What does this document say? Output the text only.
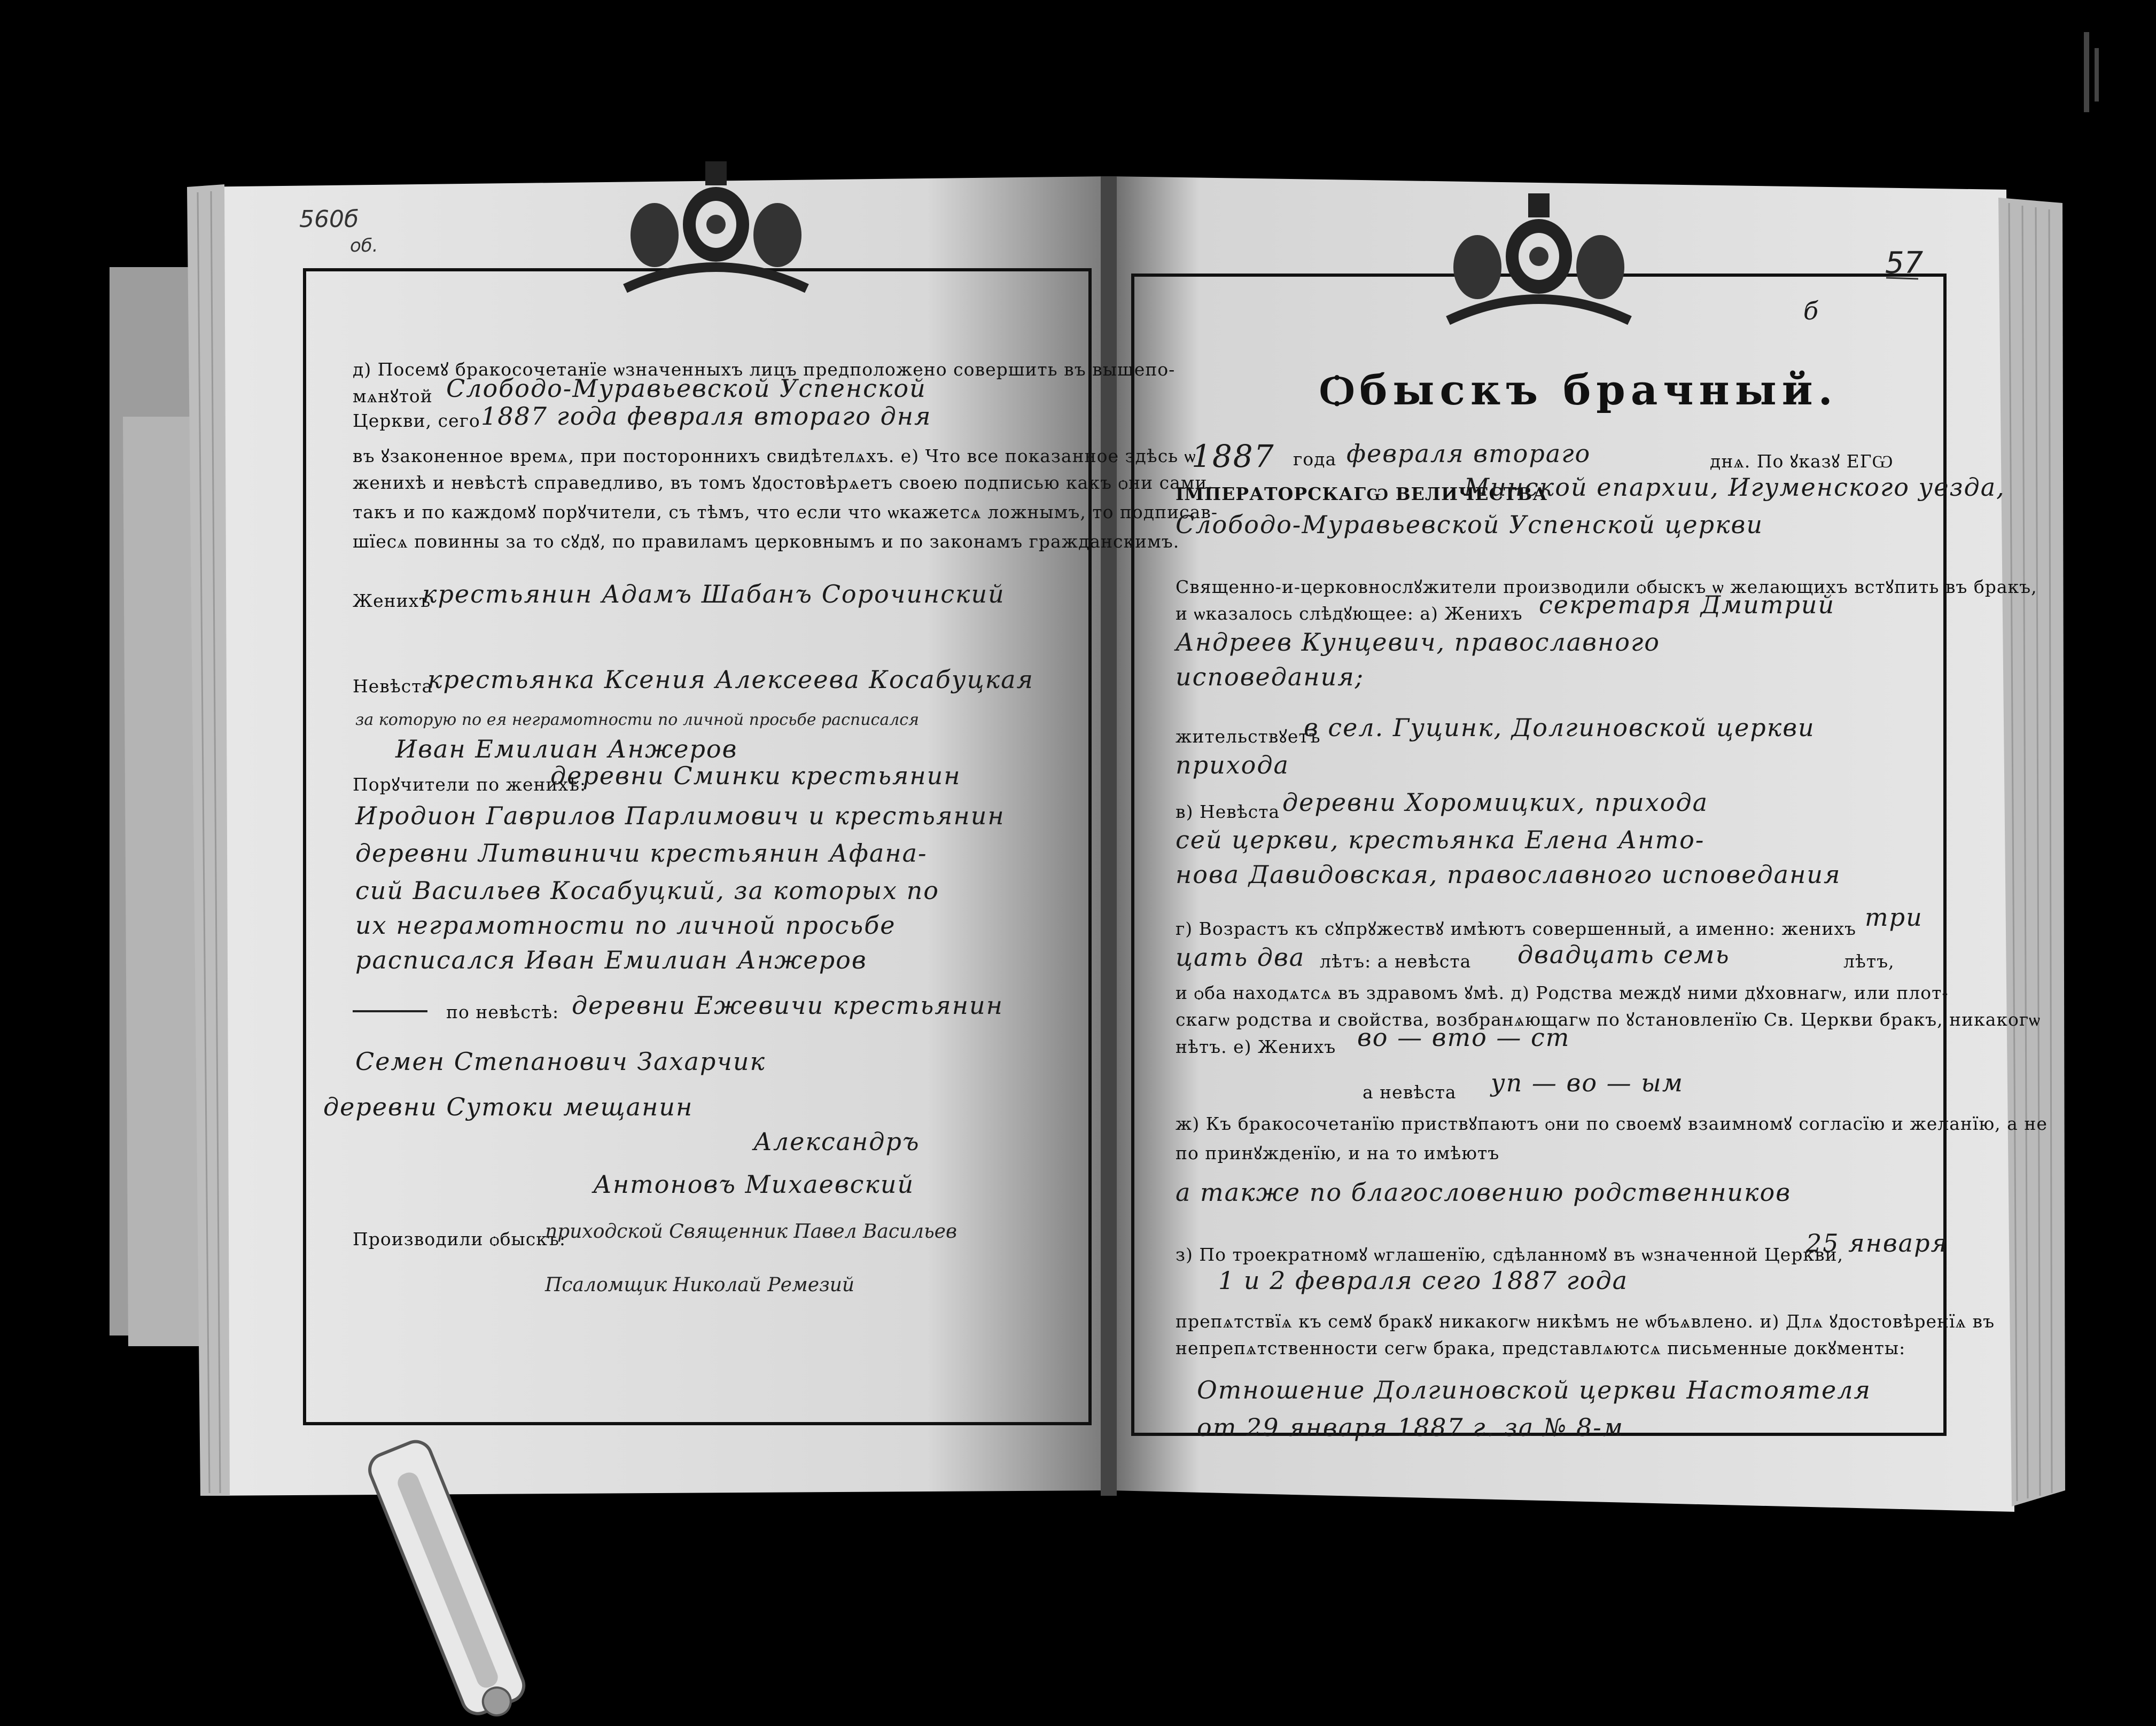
560б
об.
д) Посемꙋ бракосочетанїе ѡзначенныхъ лицъ предположено совершить въ вышепо-
мѧнꙋтой Слободо-Муравьевской Успенской
Церкви, сего 1887 года февраля втораго дня
въ ꙋзаконенное времѧ, при постороннихъ свидѣтелѧхъ. е) Что все показанное здѣсь ѡ
женихѣ и невѣстѣ справедливо, въ томъ ꙋдостовѣрѧетъ своею подписью какъ ѻни сами,
такъ и по каждомꙋ порꙋчители, съ тѣмъ, что если что ѡкажетсѧ ложнымъ, то подписав-
шїесѧ повинны за то сꙋдꙋ, по правиламъ церковнымъ и по законамъ гражданскимъ.
Женихъ
крестьянин Адамъ Шабанъ Сорочинский
Невѣста
крестьянка Ксения Алексеева Косабуцкая
за которую по ея неграмотности по личной просьбе расписался
Иван Емилиан Анжеров
Порꙋчители по женихѣ:
деревни Сминки крестьянин
Иродион Гаврилов Парлимович и крестьянин
деревни Литвиничи крестьянин Афана-
сий Васильев Косабуцкий, за которых по
их неграмотности по личной просьбе
расписался Иван Емилиан Анжеров
по невѣстѣ: деревни Ежевичи крестьянин
Семен Степанович Захарчик
деревни Сутоки мещанин
Александръ
Антоновъ Михаевский
Производили ѻбыскъ:
приходской Священник Павел Васильев
Псаломщик Николай Ремезий
б
57
Ѻбыскъ брачный.
1887 года февраля втораго	днѧ. По ꙋказꙋ ЕГѠ
ІМПЕРАТОРСКАГѠ ВЕЛИЧЕСТВА
Минской епархии, Игуменского уезда,
Слободо-Муравьевской Успенской церкви
Священно-и-церковнослꙋжители производили ѻбыскъ ѡ желающихъ встꙋпить въ бракъ,
и ѡказалось слѣдꙋющее: а) Женихъ секретаря Дмитрий
Андреев Кунцевич, православного
исповедания;
жительствꙋетъ
в сел. Гуцинк, Долгиновской церкви
прихода
в) Невѣста деревни Хоромицких, прихода
сей церкви, крестьянка Елена Анто-
нова Давидовская, православного исповедания
г) Возрастъ къ сꙋпрꙋжествꙋ имѣютъ совершенный, а именно: женихъ три
цать два лѣтъ: а невѣста двадцать семь	лѣтъ,
и ѻба находѧтсѧ въ здравомъ ꙋмѣ. д) Родства междꙋ ними дꙋховнагѡ, или плот-
скагѡ родства и свойства, возбранѧющагѡ по ꙋстановленїю Св. Церкви бракъ, никакогѡ
нѣтъ. е) Женихъ во — вто — ст
а невѣста уп — во — ым
ж) Къ бракосочетанїю приствꙋпаютъ ѻни по своемꙋ взаимномꙋ согласїю и желанїю, а не
по принꙋжденїю, и на то имѣютъ
а также по благословению родственников
з) По троекратномꙋ ѡглашенїю, сдѣланномꙋ въ ѡзначенной Церкви,
25 января
1 и 2 февраля сего 1887 года
препѧтствїѧ къ семꙋ бракꙋ никакогѡ никѣмъ не ѡбъѧвлено. и) Длѧ ꙋдостовѣренїѧ въ
непрепѧтственности сегѡ брака, представлѧютсѧ письменные докꙋменты:
Отношение Долгиновской церкви Настоятеля
от 29 января 1887 г. за № 8-м
